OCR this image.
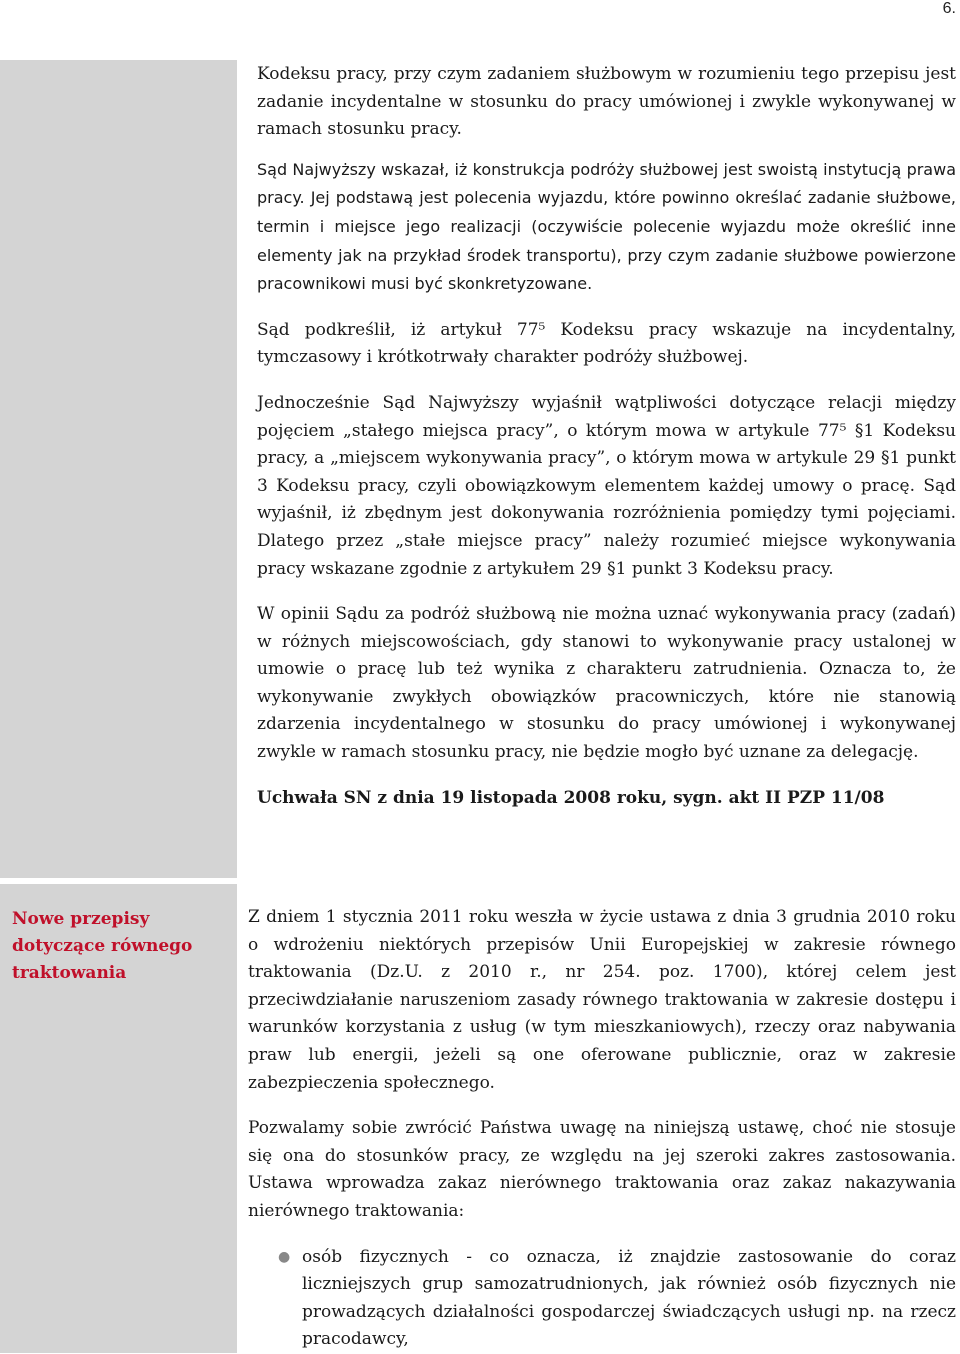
6.
Nowe przepisy dotyczące równego traktowania

Kodeksu pracy, przy czym zadaniem służbowym w rozumieniu tego przepisu jest zadanie incydentalne w stosunku do pracy umówionej i zwykle wykonywanej w ramach stosunku pracy.

Sąd Najwyższy wskazał, iż konstrukcja podróży służbowej jest swoistą instytucją prawa pracy. Jej podstawą jest polecenia wyjazdu, które powinno określać zadanie służbowe, termin i miejsce jego realizacji (oczywiście polecenie wyjazdu może określić inne elementy jak na przykład środek transportu), przy czym zadanie służbowe powierzone pracownikowi musi być skonkretyzowane.

Sąd podkreślił, iż artykuł 77⁵ Kodeksu pracy wskazuje na incydentalny, tymczasowy i krótkotrwały charakter podróży służbowej.

Jednocześnie Sąd Najwyższy wyjaśnił wątpliwości dotyczące relacji między pojęciem „stałego miejsca pracy”, o którym mowa w artykule 77⁵ §1 Kodeksu pracy, a „miejscem wykonywania pracy”, o którym mowa w artykule 29 §1 punkt 3 Kodeksu pracy, czyli obowiązkowym elementem każdej umowy o pracę. Sąd wyjaśnił, iż zbędnym jest dokonywania rozróżnienia pomiędzy tymi pojęciami. Dlatego przez „stałe miejsce pracy” należy rozumieć miejsce wykonywania pracy wskazane zgodnie z artykułem 29 §1 punkt 3 Kodeksu pracy.

W opinii Sądu za podróż służbową nie można uznać wykonywania pracy (zadań) w różnych miejscowościach, gdy stanowi to wykonywanie pracy ustalonej w umowie o pracę lub też wynika z charakteru zatrudnienia. Oznacza to, że wykonywanie zwykłych obowiązków pracowniczych, które nie stanowią zdarzenia incydentalnego w stosunku do pracy umówionej i wykonywanej zwykle w ramach stosunku pracy, nie będzie mogło być uznane za delegację.

Uchwała SN z dnia 19 listopada 2008 roku, sygn. akt II PZP 11/08

Z dniem 1 stycznia 2011 roku weszła w życie ustawa z dnia 3 grudnia 2010 roku o wdrożeniu niektórych przepisów Unii Europejskiej w zakresie równego traktowania (Dz.U. z 2010 r., nr 254. poz. 1700), której celem jest przeciwdziałanie naruszeniom zasady równego traktowania w zakresie dostępu i warunków korzystania z usług (w tym mieszkaniowych), rzeczy oraz nabywania praw lub energii, jeżeli są one oferowane publicznie, oraz w zakresie zabezpieczenia społecznego.

Pozwalamy sobie zwrócić Państwa uwagę na niniejszą ustawę, choć nie stosuje się ona do stosunków pracy, ze względu na jej szeroki zakres zastosowania. Ustawa wprowadza zakaz nierównego traktowania oraz zakaz nakazywania nierównego traktowania:

● osób fizycznych - co oznacza, iż znajdzie zastosowanie do coraz liczniejszych grup samozatrudnionych, jak również osób fizycznych nie prowadzących działalności gospodarczej świadczących usługi np. na rzecz pracodawcy,
